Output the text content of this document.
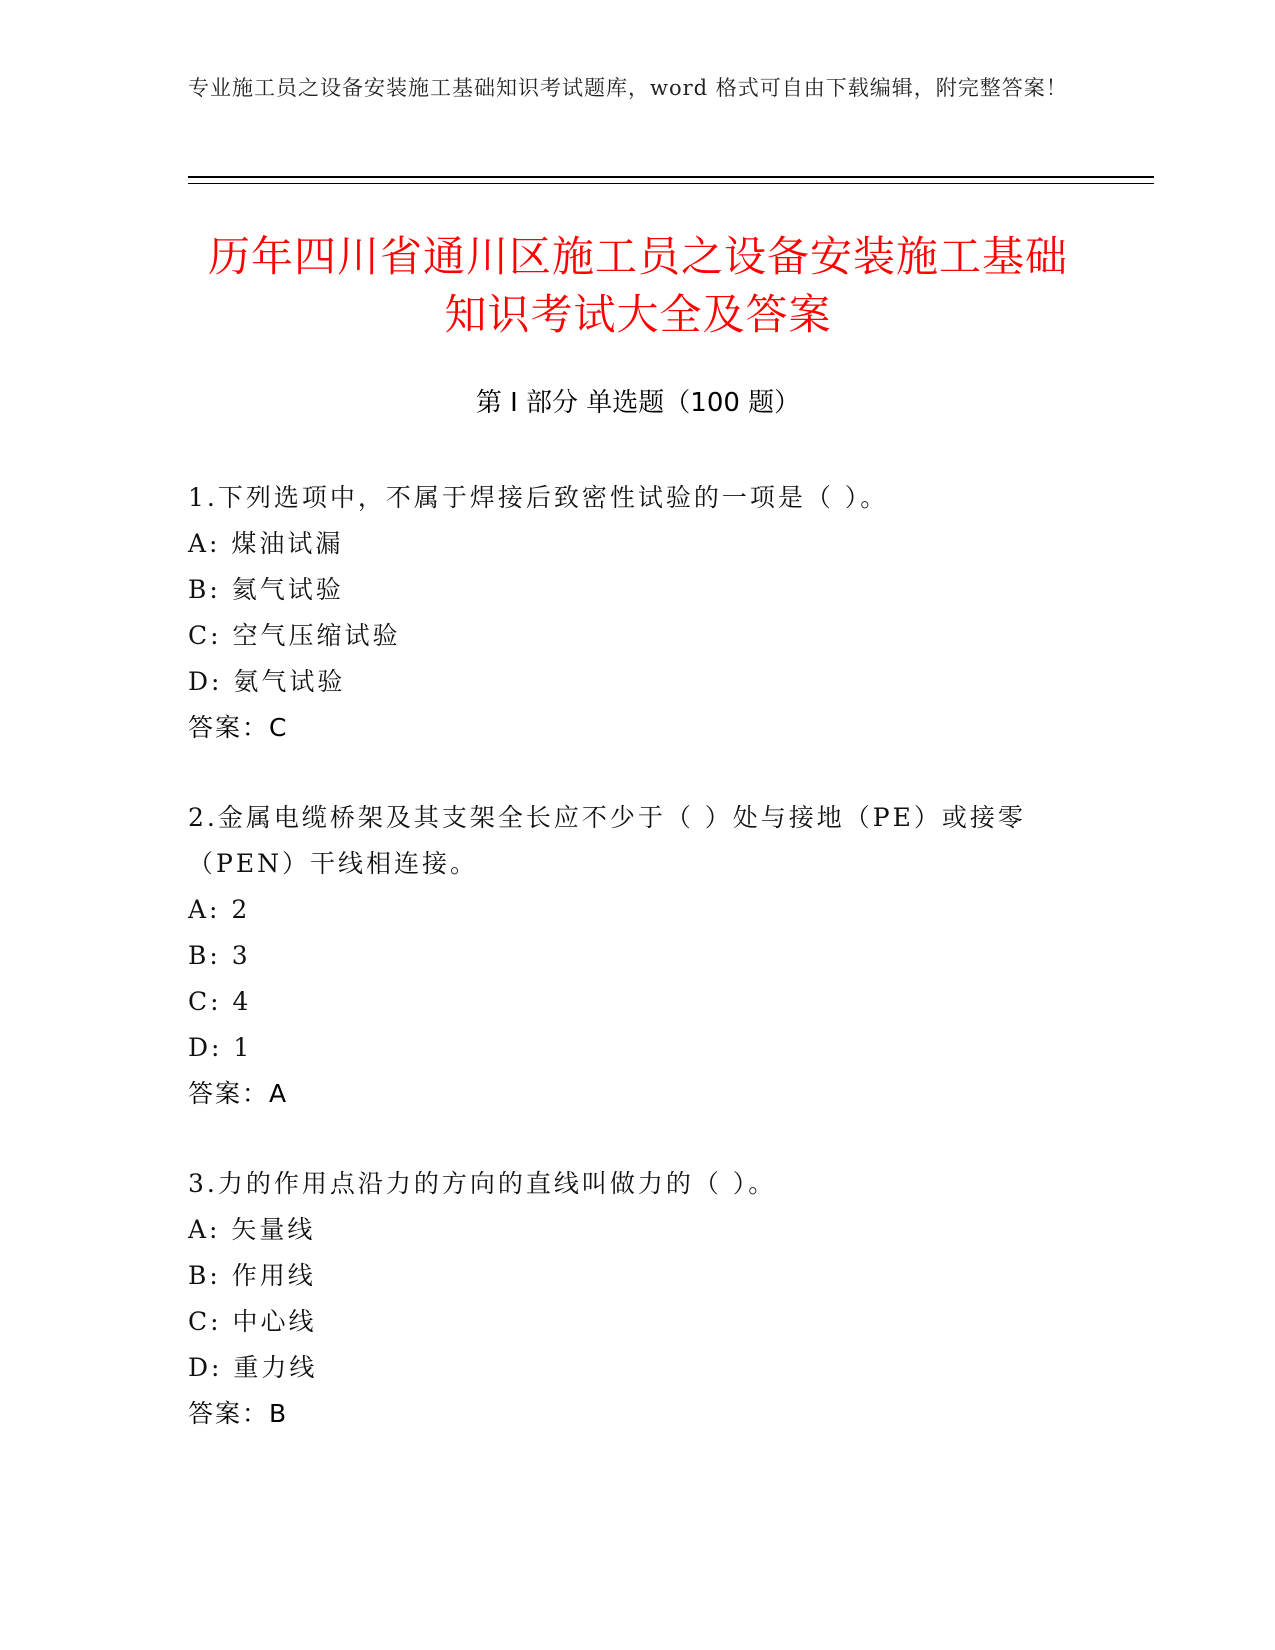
专业施工员之设备安装施工基础知识考试题库，word 格式可自由下载编辑，附完整答案！
历年四川省通川区施工员之设备安装施工基础知识考试大全及答案
第 I 部分 单选题（100 题）
1.下列选项中，不属于焊接后致密性试验的一项是（ ）。
A: 煤油试漏
B: 氦气试验
C: 空气压缩试验
D: 氨气试验
答案：C
2.金属电缆桥架及其支架全长应不少于（ ）处与接地（PE）或接零（PEN）干线相连接。
A: 2
B: 3
C: 4
D: 1
答案：A
3.力的作用点沿力的方向的直线叫做力的（ ）。
A: 矢量线
B: 作用线
C: 中心线
D: 重力线
答案：B
